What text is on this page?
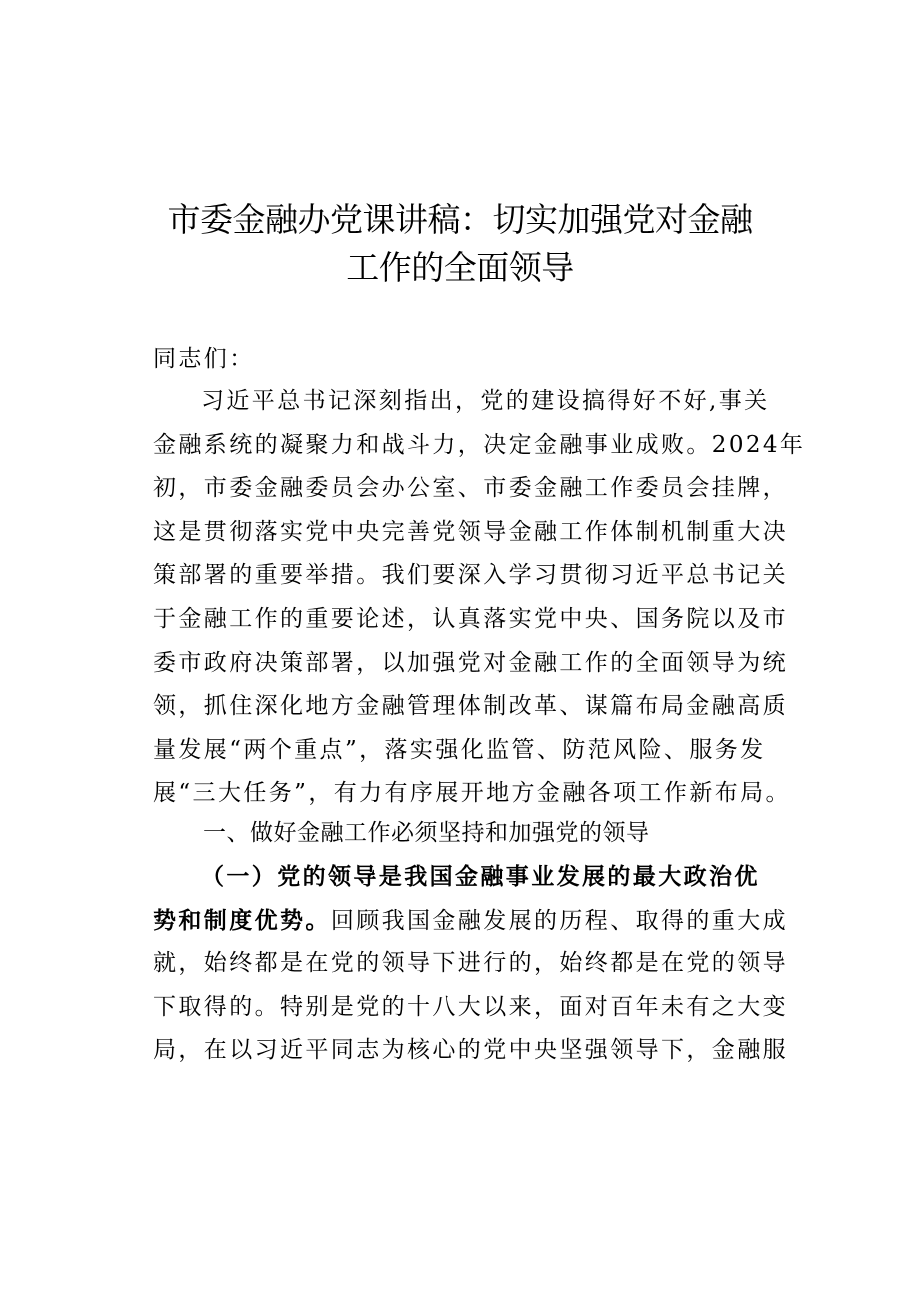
市委金融办党课讲稿：切实加强党对金融
工作的全面领导

同志们：

习近平总书记深刻指出，党的建设搞得好不好,事关
金融系统的凝聚力和战斗力，决定金融事业成败。2024年
初，市委金融委员会办公室、市委金融工作委员会挂牌，
这是贯彻落实党中央完善党领导金融工作体制机制重大决
策部署的重要举措。我们要深入学习贯彻习近平总书记关
于金融工作的重要论述，认真落实党中央、国务院以及市
委市政府决策部署，以加强党对金融工作的全面领导为统
领，抓住深化地方金融管理体制改革、谋篇布局金融高质
量发展“两个重点”，落实强化监管、防范风险、服务发
展“三大任务”，有力有序展开地方金融各项工作新布局。

一、做好金融工作必须坚持和加强党的领导

（一）党的领导是我国金融事业发展的最大政治优
势和制度优势。回顾我国金融发展的历程、取得的重大成
就，始终都是在党的领导下进行的，始终都是在党的领导
下取得的。特别是党的十八大以来，面对百年未有之大变
局，在以习近平同志为核心的党中央坚强领导下，金融服
